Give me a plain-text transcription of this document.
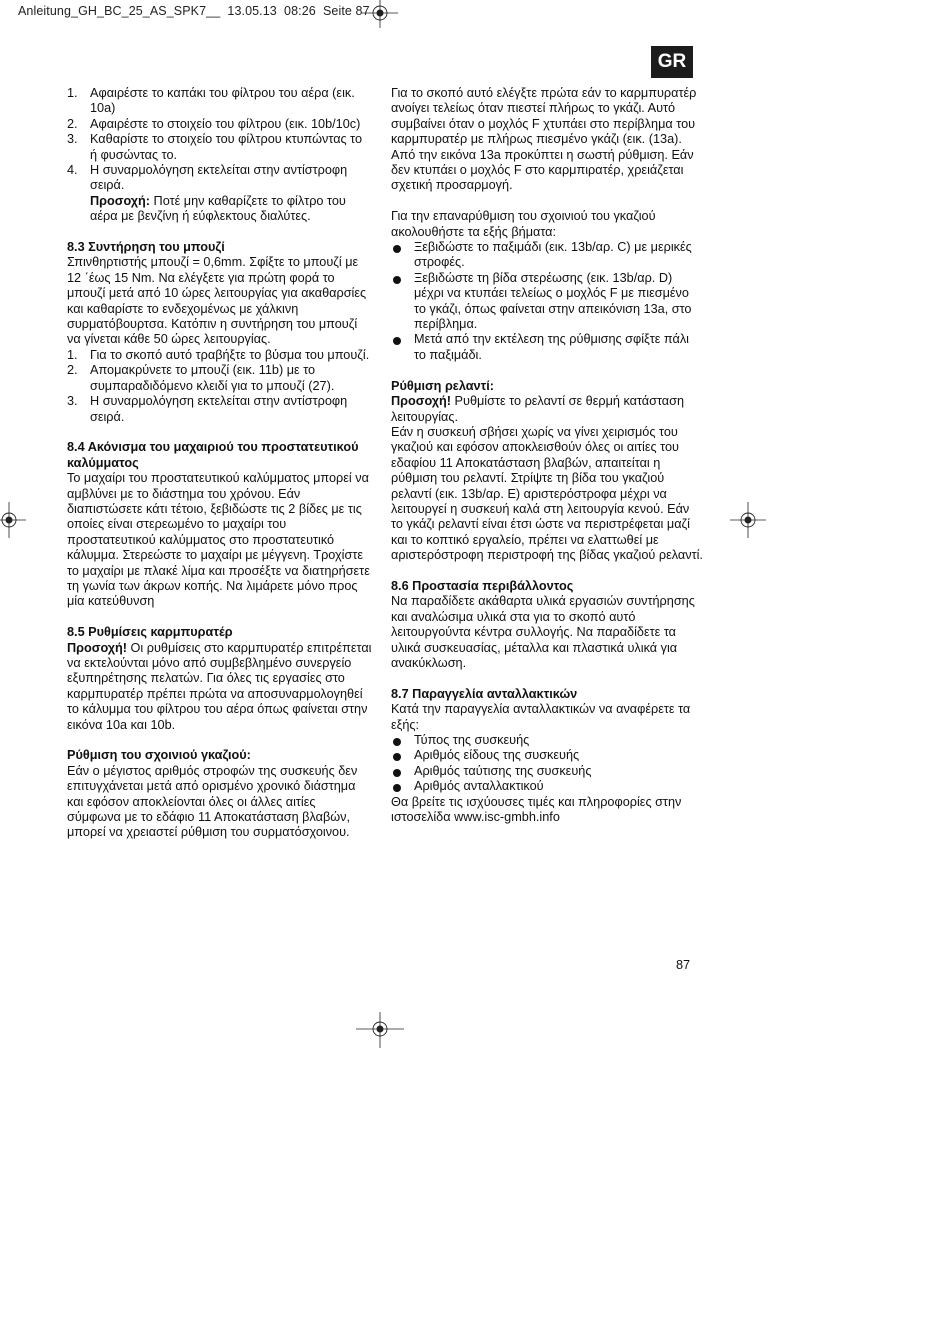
Anleitung_GH_BC_25_AS_SPK7__ 13.05.13 08:26 Seite 87
GR
1. Αφαιρέστε το καπάκι του φίλτρου του αέρα (εικ. 10a)
2. Αφαιρέστε το στοιχείο του φίλτρου (εικ. 10b/10c)
3. Καθαρίστε το στοιχείο του φίλτρου κτυπώντας το ή φυσώντας το.
4. Η συναρμολόγηση εκτελείται στην αντίστροφη σειρά.
Προσοχή: Ποτέ μην καθαρίζετε το φίλτρο του αέρα με βενζίνη ή εύφλεκτους διαλύτες.

8.3 Συντήρηση του μπουζί

Σπινθηρτιστής μπουζί = 0,6mm. Σφίξτε το μπουζί με 12 ΄έως 15 Nm. Να ελέγξετε για πρώτη φορά το μπουζί μετά από 10 ώρες λειτουργίας για ακαθαρσίες και καθαρίστε το ενδεχομένως με χάλκινη συρματόβουρτσα. Κατόπιν η συντήρηση του μπουζί να γίνεται κάθε 50 ώρες λειτουργίας.

1. Για το σκοπό αυτό τραβήξτε το βύσμα του μπουζί.
2. Απομακρύνετε το μπουζί (εικ. 11b) με το συμπαραδιδόμενο κλειδί για το μπουζί (27).
3. Η συναρμολόγηση εκτελείται στην αντίστροφη σειρά.

8.4 Ακόνισμα του μαχαιριού του προστατευτικού καλύμματος

Το μαχαίρι του προστατευτικού καλύμματος μπορεί να αμβλύνει με το διάστημα του χρόνου. Εάν διαπιστώσετε κάτι τέτοιο, ξεβιδώστε τις 2 βίδες με τις οποίες είναι στερεωμένο το μαχαίρι του προστατευτικού καλύμματος στο προστατευτικό κάλυμμα. Στερεώστε το μαχαίρι με μέγγενη. Τροχίστε το μαχαίρι με πλακέ λίμα και προσέξτε να διατηρήσετε τη γωνία των άκρων κοπής. Να λιμάρετε μόνο προς μία κατεύθυνση

8.5 Ρυθμίσεις καρμπυρατέρ

Προσοχή! Οι ρυθμίσεις στο καρμπυρατέρ επιτρέπεται να εκτελούνται μόνο από συμβεβλημένο συνεργείο εξυπηρέτησης πελατών. Για όλες τις εργασίες στο καρμπυρατέρ πρέπει πρώτα να αποσυναρμολογηθεί το κάλυμμα του φίλτρου του αέρα όπως φαίνεται στην εικόνα 10a και 10b.

Ρύθμιση του σχοινιού γκαζιού:

Εάν ο μέγιστος αριθμός στροφών της συσκευής δεν επιτυγχάνεται μετά από ορισμένο χρονικό διάστημα και εφόσον αποκλείονται όλες οι άλλες αιτίες σύμφωνα με το εδάφιο 11 Αποκατάσταση βλαβών, μπορεί να χρειαστεί ρύθμιση του συρματόσχοινου.

Για το σκοπό αυτό ελέγξτε πρώτα εάν το καρμπυρατέρ ανοίγει τελείως όταν πιεστεί πλήρως το γκάζι. Αυτό συμβαίνει όταν ο μοχλός F χτυπάει στο περίβλημα του καρμπυρατέρ με πλήρως πιεσμένο γκάζι (εικ. (13a). Από την εικόνα 13a προκύπτει η σωστή ρύθμιση. Εάν δεν κτυπάει ο μοχλός F στο καρμπιρατέρ, χρειάζεται σχετική προσαρμογή.

Για την επαναρύθμιση του σχοινιού του γκαζιού ακολουθήστε τα εξής βήματα:

Ξεβιδώστε το παξιμάδι (εικ. 13b/αρ. C) με μερικές στροφές.
Ξεβιδώστε τη βίδα στερέωσης (εικ. 13b/αρ. D) μέχρι να κτυπάει τελείως ο μοχλός F με πιεσμένο το γκάζι, όπως φαίνεται στην απεικόνιση 13a, στο περίβλημα.
Μετά από την εκτέλεση της ρύθμισης σφίξτε πάλι το παξιμάδι.

Ρύθμιση ρελαντί:

Προσοχή! Ρυθμίστε το ρελαντί σε θερμή κατάσταση λειτουργίας.

Εάν η συσκευή σβήσει χωρίς να γίνει χειρισμός του γκαζιού και εφόσον αποκλεισθούν όλες οι αιτίες του εδαφίου 11 Αποκατάσταση βλαβών, απαιτείται η ρύθμιση του ρελαντί. Στρίψτε τη βίδα του γκαζιού ρελαντί (εικ. 13b/αρ. E) αριστερόστροφα μέχρι να λειτουργεί η συσκευή καλά στη λειτουργία κενού. Εάν το γκάζι ρελαντί είναι έτσι ώστε να περιστρέφεται μαζί και το κοπτικό εργαλείο, πρέπει να ελαττωθεί με αριστερόστροφη περιστροφή της βίδας γκαζιού ρελαντί.

8.6 Προστασία περιβάλλοντος

Να παραδίδετε ακάθαρτα υλικά εργασιών συντήρησης και αναλώσιμα υλικά στα για το σκοπό αυτό λειτουργούντα κέντρα συλλογής. Να παραδίδετε τα υλικά συσκευασίας, μέταλλα και πλαστικά υλικά για ανακύκλωση.

8.7 Παραγγελία ανταλλακτικών

Κατά την παραγγελία ανταλλακτικών να αναφέρετε τα εξής:

Τύπος της συσκευής
Αριθμός είδους της συσκευής
Αριθμός ταύτισης της συσκευής
Αριθμός ανταλλακτικού

Θα βρείτε τις ισχύουσες τιμές και πληροφορίες στην ιστοσελίδα www.isc-gmbh.info

87
